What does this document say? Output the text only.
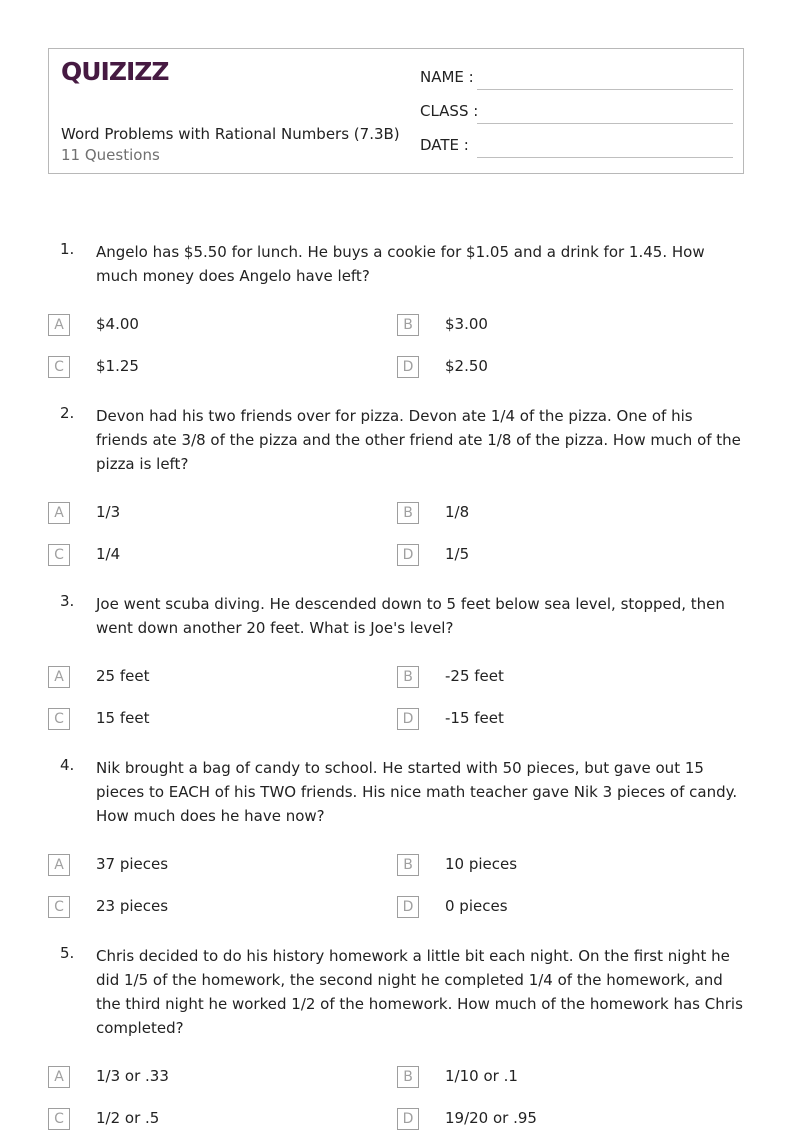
QUIZIZZ
Word Problems with Rational Numbers (7.3B)
11 Questions
NAME :
CLASS :
DATE :
1. Angelo has $5.50 for lunch. He buys a cookie for $1.05 and a drink for 1.45. How much money does Angelo have left?
A	$4.00	B	$3.00
C	$1.25	D	$2.50
2. Devon had his two friends over for pizza. Devon ate 1/4 of the pizza. One of his friends ate 3/8 of the pizza and the other friend ate 1/8 of the pizza. How much of the pizza is left?
A	1/3	B	1/8
C	1/4	D	1/5
3. Joe went scuba diving. He descended down to 5 feet below sea level, stopped, then went down another 20 feet. What is Joe's level?
A	25 feet	B	-25 feet
C	15 feet	D	-15 feet
4. Nik brought a bag of candy to school. He started with 50 pieces, but gave out 15 pieces to EACH of his TWO friends. His nice math teacher gave Nik 3 pieces of candy. How much does he have now?
A	37 pieces	B	10 pieces
C	23 pieces	D	0 pieces
5. Chris decided to do his history homework a little bit each night. On the first night he did 1/5 of the homework, the second night he completed 1/4 of the homework, and the third night he worked 1/2 of the homework. How much of the homework has Chris completed?
A	1/3 or .33	B	1/10 or .1
C	1/2 or .5	D	19/20 or .95
